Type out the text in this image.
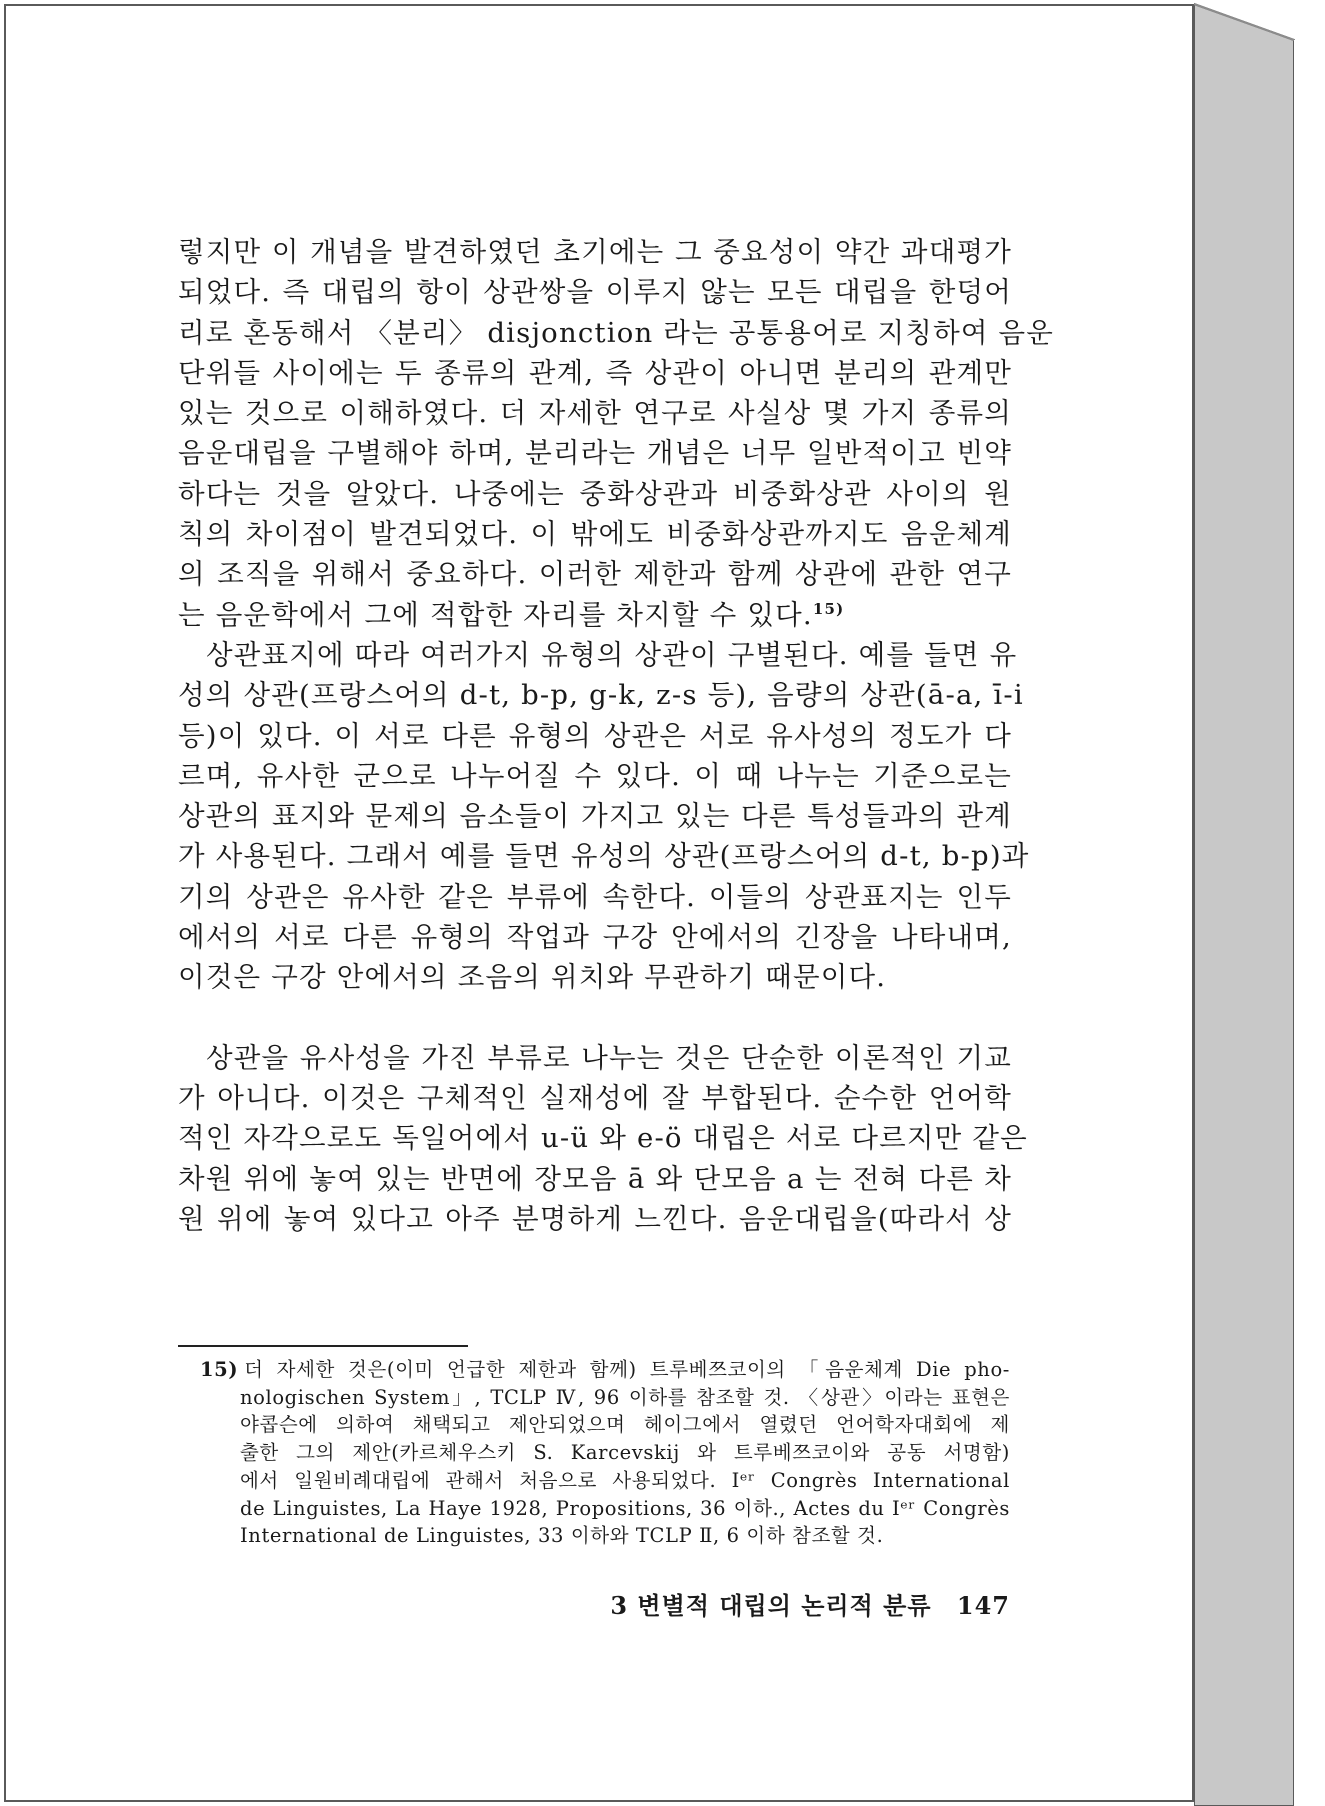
렇지만 이 개념을 발견하였던 초기에는 그 중요성이 약간 과대평가
되었다. 즉 대립의 항이 상관쌍을 이루지 않는 모든 대립을 한덩어
리로 혼동해서 〈분리〉 disjonction 라는 공통용어로 지칭하여 음운
단위들 사이에는 두 종류의 관계, 즉 상관이 아니면 분리의 관계만
있는 것으로 이해하였다. 더 자세한 연구로 사실상 몇 가지 종류의
음운대립을 구별해야 하며, 분리라는 개념은 너무 일반적이고 빈약
하다는 것을 알았다. 나중에는 중화상관과 비중화상관 사이의 원
칙의 차이점이 발견되었다. 이 밖에도 비중화상관까지도 음운체계
의 조직을 위해서 중요하다. 이러한 제한과 함께 상관에 관한 연구
는 음운학에서 그에 적합한 자리를 차지할 수 있다.$^{15)}$

상관표지에 따라 여러가지 유형의 상관이 구별된다. 예를 들면 유
성의 상관(프랑스어의 d-t, b-p, g-k, z-s 등), 음량의 상관(ā-a, ī-i
등)이 있다. 이 서로 다른 유형의 상관은 서로 유사성의 정도가 다
르며, 유사한 군으로 나누어질 수 있다. 이 때 나누는 기준으로는
상관의 표지와 문제의 음소들이 가지고 있는 다른 특성들과의 관계
가 사용된다. 그래서 예를 들면 유성의 상관(프랑스어의 d-t, b-p)과
기의 상관은 유사한 같은 부류에 속한다. 이들의 상관표지는 인두
에서의 서로 다른 유형의 작업과 구강 안에서의 긴장을 나타내며,
이것은 구강 안에서의 조음의 위치와 무관하기 때문이다.

상관을 유사성을 가진 부류로 나누는 것은 단순한 이론적인 기교
가 아니다. 이것은 구체적인 실재성에 잘 부합된다. 순수한 언어학
적인 자각으로도 독일어에서 u-ü 와 e-ö 대립은 서로 다르지만 같은
차원 위에 놓여 있는 반면에 장모음 ā 와 단모음 a 는 전혀 다른 차
원 위에 놓여 있다고 아주 분명하게 느낀다. 음운대립을(따라서 상

15) 더 자세한 것은(이미 언급한 제한과 함께) 트루베쯔코이의 「음운체계 Die pho-
nologischen System」, TCLP Ⅳ, 96 이하를 참조할 것. 〈상관〉이라는 표현은
야콥슨에 의하여 채택되고 제안되었으며 헤이그에서 열렸던 언어학자대회에 제
출한 그의 제안(카르체우스키 S. Karcevskij 와 트루베쯔코이와 공동 서명함)
에서 일원비례대립에 관해서 처음으로 사용되었다. Iᵉʳ Congrès International
de Linguistes, La Haye 1928, Propositions, 36 이하., Actes du Iᵉʳ Congrès
International de Linguistes, 33 이하와 TCLP Ⅱ, 6 이하 참조할 것.
3 변별적 대립의 논리적 분류 147
